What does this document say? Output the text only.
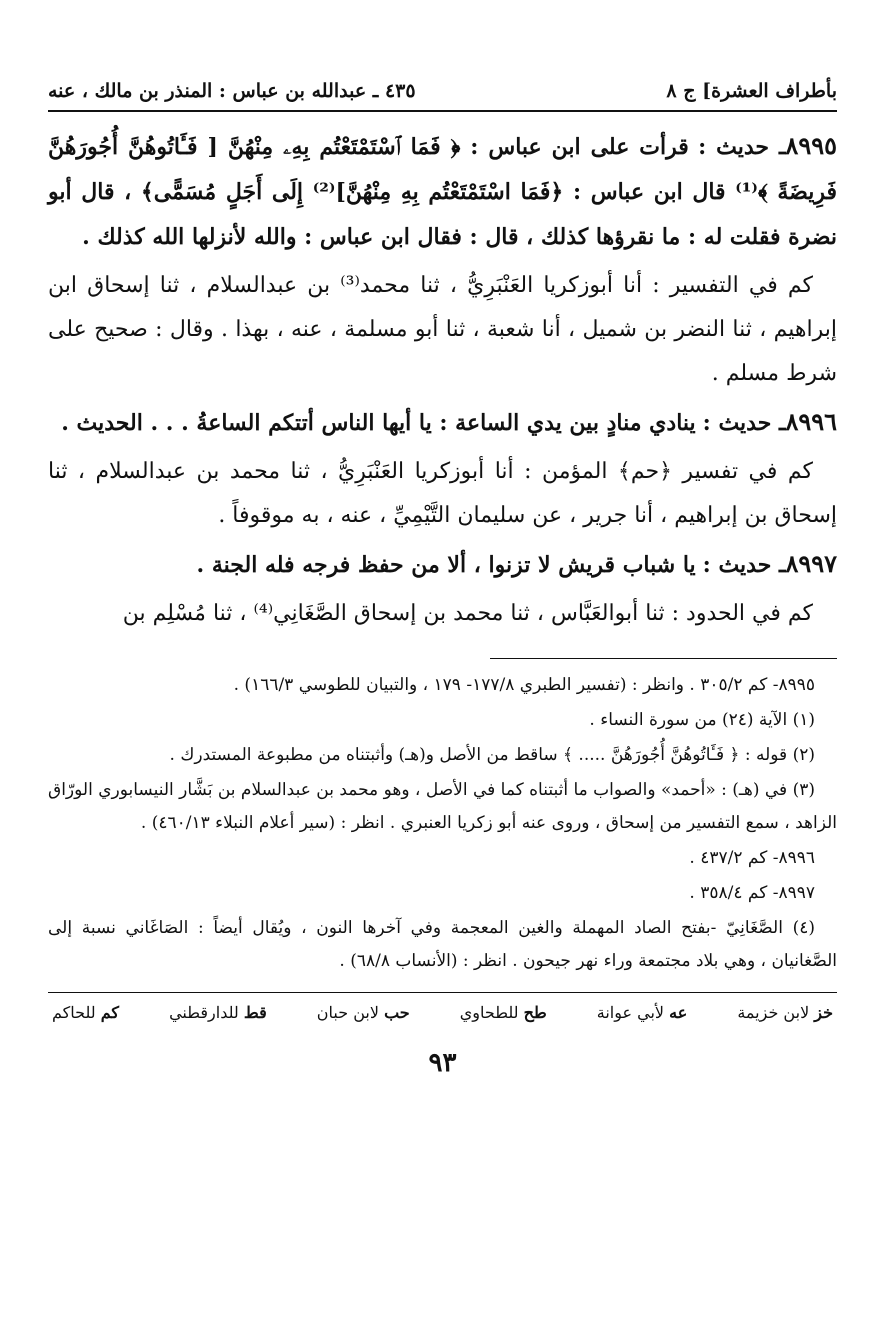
بأطراف العشرة] ج ٨
٤٣٥ ـ عبدالله بن عباس : المنذر بن مالك ، عنه
٨٩٩٥ـ حديث : قرأت على ابن عباس : ﴿ فَمَا ٱسْتَمْتَعْتُم بِهِۦ مِنْهُنَّ [ فَـَٔاتُوهُنَّ أُجُورَهُنَّ فَرِيضَةً ﴾⁽¹⁾ قال ابن عباس : ﴿فَمَا اسْتَمْتَعْتُم بِهِ مِنْهُنَّ]⁽²⁾ إِلَى أَجَلٍ مُسَمًّى﴾ ، قال أبو نضرة فقلت له : ما نقرؤها كذلك ، قال : فقال ابن عباس : والله لأنزلها الله كذلك .
كم في التفسير : أنا أبوزكريا العَنْبَرِيُّ ، ثنا محمد⁽³⁾ بن عبدالسلام ، ثنا إسحاق ابن إبراهيم ، ثنا النضر بن شميل ، أنا شعبة ، ثنا أبو مسلمة ، عنه ، بهذا . وقال : صحيح على شرط مسلم .
٨٩٩٦ـ حديث : ينادي منادٍ بين يدي الساعة : يا أيها الناس أتتكم الساعةُ . . . الحديث .
كم في تفسير ﴿حم﴾ المؤمن : أنا أبوزكريا العَنْبَرِيُّ ، ثنا محمد بن عبدالسلام ، ثنا إسحاق بن إبراهيم ، أنا جرير ، عن سليمان التَّيْمِيِّ ، عنه ، به موقوفاً .
٨٩٩٧ـ حديث : يا شباب قريش لا تزنوا ، ألا من حفظ فرجه فله الجنة .
كم في الحدود : ثنا أبوالعَبَّاس ، ثنا محمد بن إسحاق الصَّغَانِي⁽⁴⁾ ، ثنا مُسْلِم بن
٨٩٩٥- كم ٣٠٥/٢ . وانظر : (تفسير الطبري ١٧٧/٨- ١٧٩ ، والتبيان للطوسي ١٦٦/٣) .
(١) الآية (٢٤) من سورة النساء .
(٢) قوله : ﴿ فَـَٔاتُوهُنَّ أُجُورَهُنَّ ..... ﴾ ساقط من الأصل و(هـ) وأثبتناه من مطبوعة المستدرك .
(٣) في (هـ) : «أحمد» والصواب ما أثبتناه كما في الأصل ، وهو محمد بن عبدالسلام بن بَشَّار النيسابوري الورّاق الزاهد ، سمع التفسير من إسحاق ، وروى عنه أبو زكريا العنبري . انظر : (سير أعلام النبلاء ٤٦٠/١٣) .
٨٩٩٦- كم ٤٣٧/٢ .
٨٩٩٧- كم ٣٥٨/٤ .
(٤) الصَّغَانِيّ -بفتح الصاد المهملة والغين المعجمة وفي آخرها النون ، ويُقال أيضاً : الصَاغَاني نسبة إلى الصَّغانيان ، وهي بلاد مجتمعة وراء نهر جيحون . انظر : (الأنساب ٦٨/٨) .
خز لابن خزيمة
عه لأبي عوانة
طح للطحاوي
حب لابن حبان
قط للدارقطني
كم للحاكم
٩٣
